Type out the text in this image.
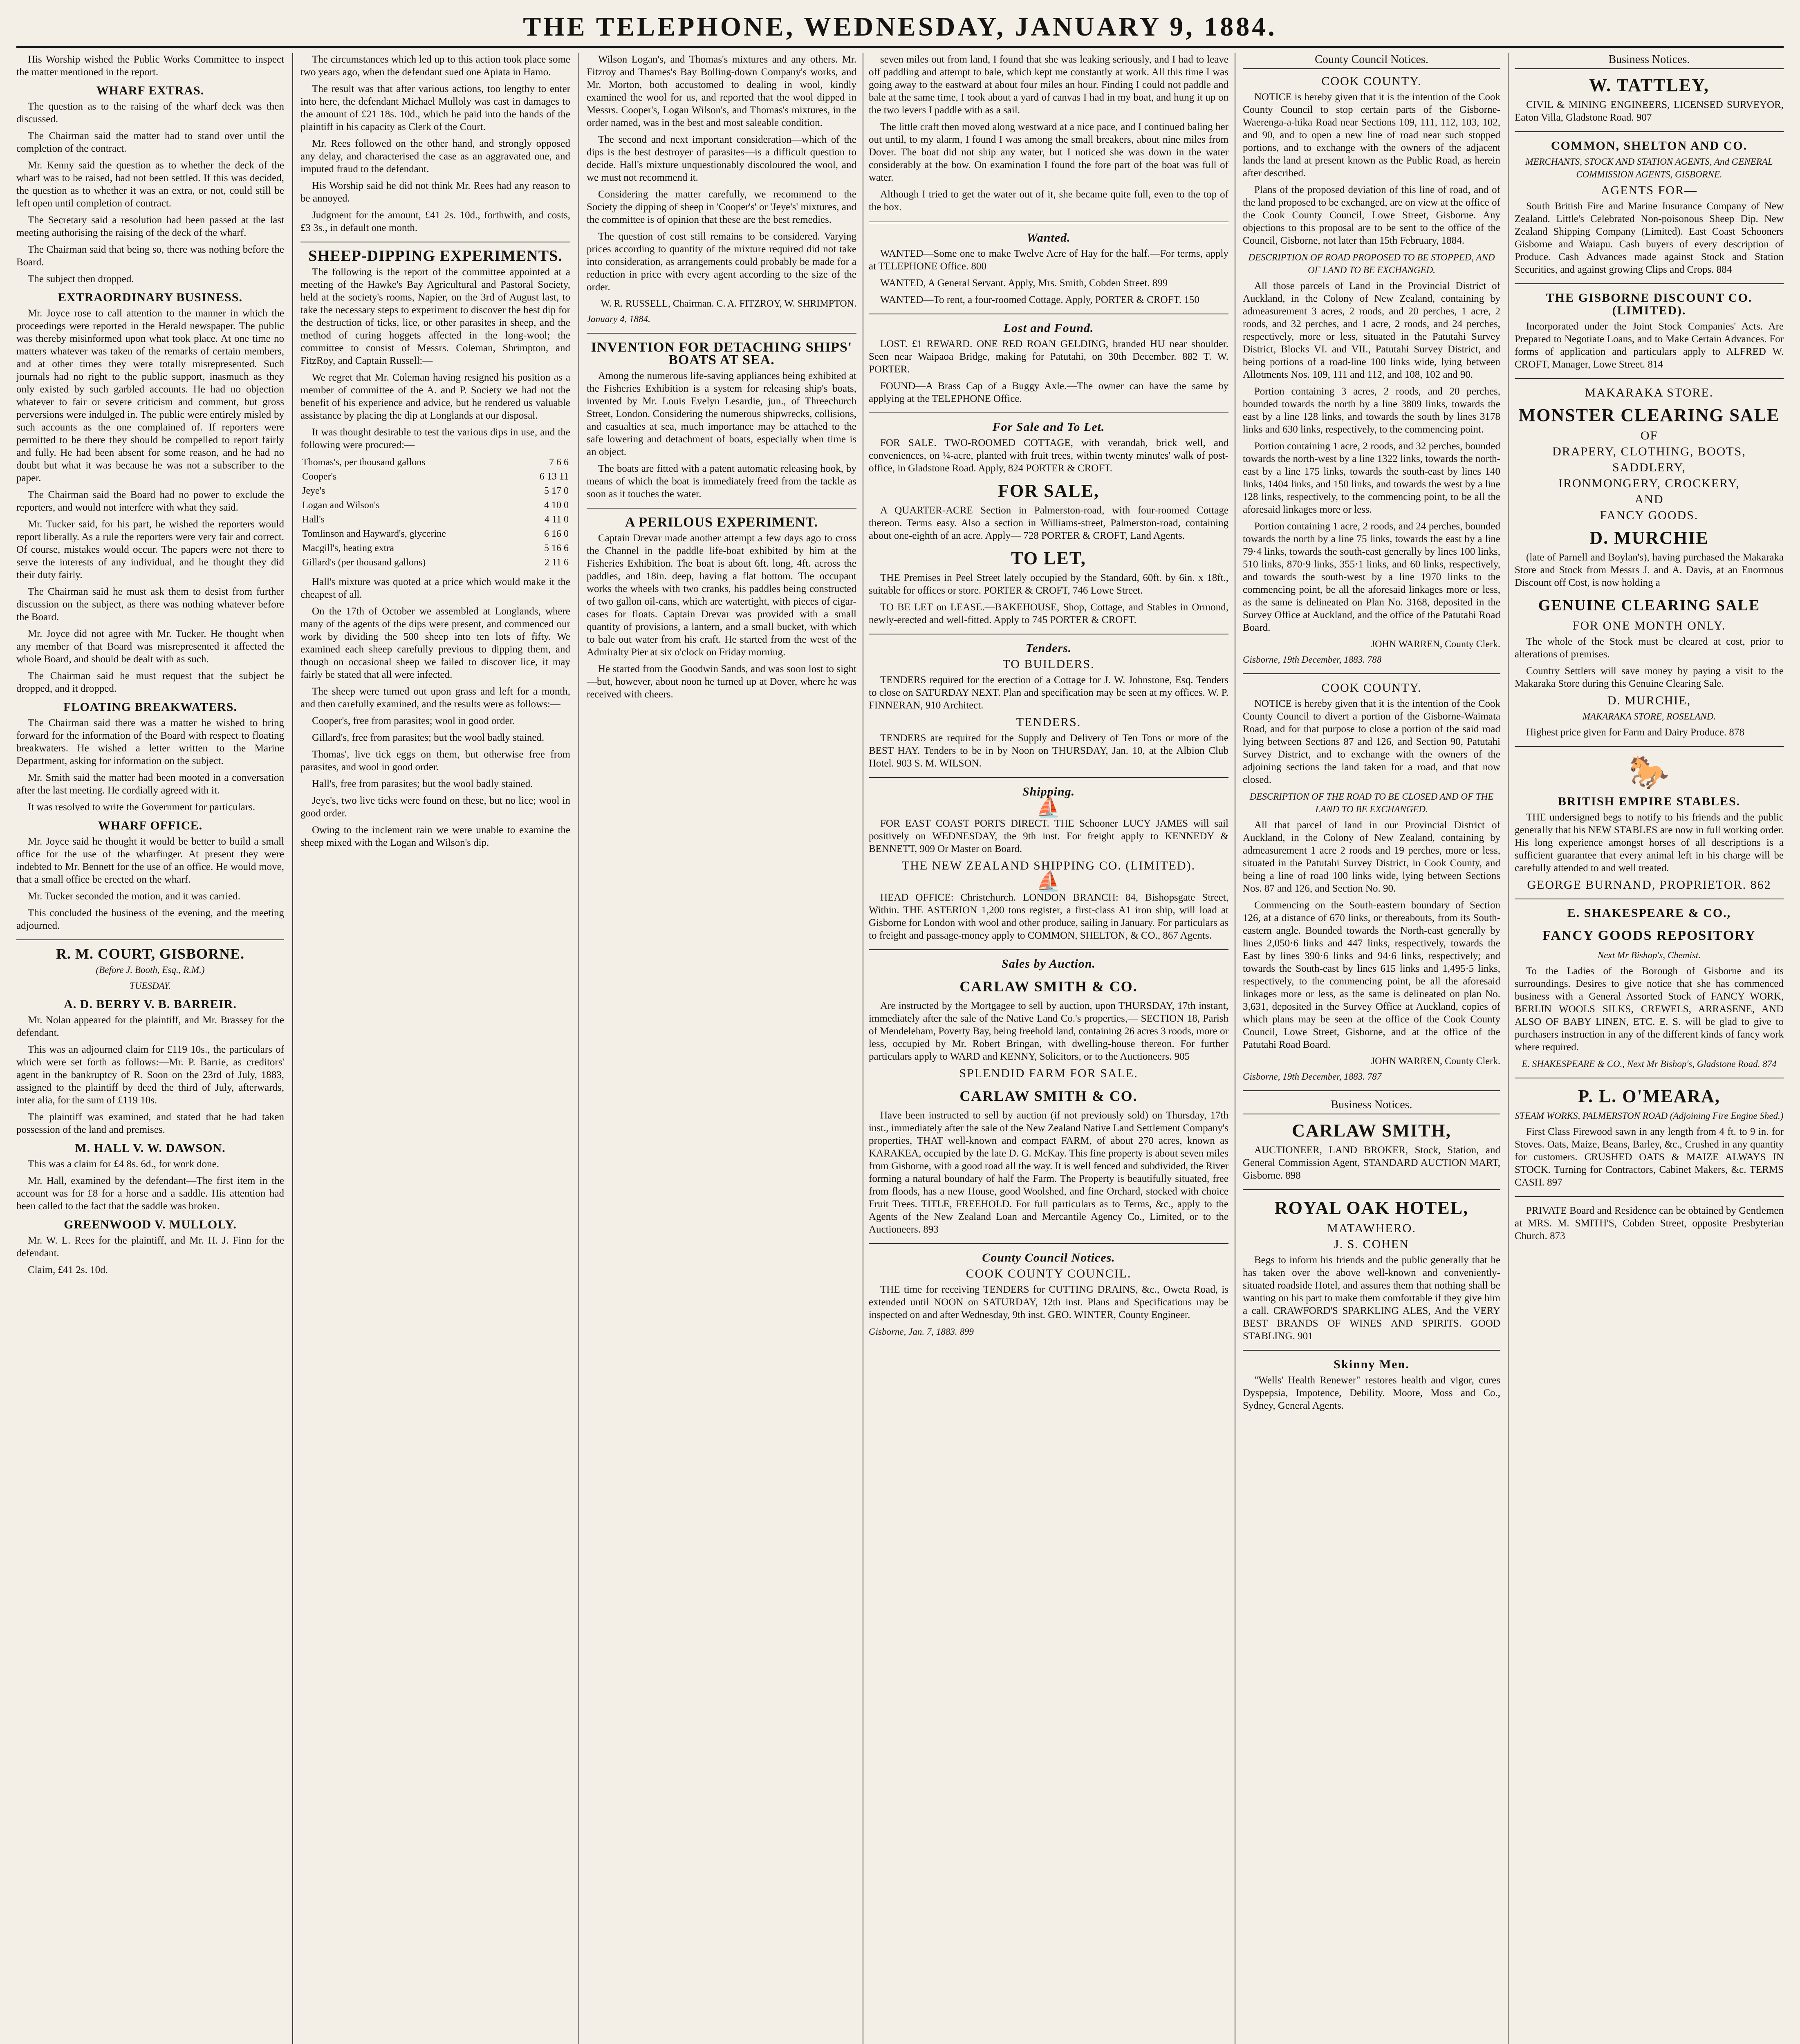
THE TELEPHONE, WEDNESDAY, JANUARY 9, 1884.

His Worship wished the Public Works Committee to inspect the matter mentioned in the report.

WHARF EXTRAS.

The question as to the raising of the wharf deck was then discussed.

The Chairman said the matter had to stand over until the completion of the contract.

Mr. Kenny said the question as to whether the deck of the wharf was to be raised, had not been settled. If this was decided, the question as to whether it was an extra, or not, could still be left open until completion of contract.

The Secretary said a resolution had been passed at the last meeting authorising the raising of the deck of the wharf.

The Chairman said that being so, there was nothing before the Board.

The subject then dropped.

EXTRAORDINARY BUSINESS.

Mr. Joyce rose to call attention to the manner in which the proceedings were reported in the Herald newspaper. The public was thereby misinformed upon what took place. At one time no matters whatever was taken of the remarks of certain members, and at other times they were totally misrepresented. Such journals had no right to the public support, inasmuch as they only existed by such garbled accounts. He had no objection whatever to fair or severe criticism and comment, but gross perversions were indulged in. The public were entirely misled by such accounts as the one complained of. If reporters were permitted to be there they should be compelled to report fairly and fully. He had been absent for some reason, and he had no doubt but what it was because he was not a subscriber to the paper.

The Chairman said the Board had no power to exclude the reporters, and would not interfere with what they said.

Mr. Tucker said, for his part, he wished the reporters would report liberally. As a rule the reporters were very fair and correct. Of course, mistakes would occur. The papers were not there to serve the interests of any individual, and he thought they did their duty fairly.

The Chairman said he must ask them to desist from further discussion on the subject, as there was nothing whatever before the Board.

Mr. Joyce did not agree with Mr. Tucker. He thought when any member of that Board was misrepresented it affected the whole Board, and should be dealt with as such.

The Chairman said he must request that the subject be dropped, and it dropped.

FLOATING BREAKWATERS.

The Chairman said there was a matter he wished to bring forward for the information of the Board with respect to floating breakwaters. He wished a letter written to the Marine Department, asking for information on the subject.

Mr. Smith said the matter had been mooted in a conversation after the last meeting. He cordially agreed with it.

It was resolved to write the Government for particulars.

WHARF OFFICE.

Mr. Joyce said he thought it would be better to build a small office for the use of the wharfinger. At present they were indebted to Mr. Bennett for the use of an office. He would move, that a small office be erected on the wharf.

Mr. Tucker seconded the motion, and it was carried.

This concluded the business of the evening, and the meeting adjourned.

R. M. COURT, GISBORNE.
(Before J. Booth, Esq., R.M.)
TUESDAY.
A. D. BERRY V. B. BARREIR.

Mr. Nolan appeared for the plaintiff, and Mr. Brassey for the defendant.

This was an adjourned claim for £119 10s., the particulars of which were set forth as follows:—Mr. P. Barrie, as creditors' agent in the bankruptcy of R. Soon on the 23rd of July, 1883, assigned to the plaintiff by deed the third of July, afterwards, inter alia, for the sum of £119 10s.

The plaintiff was examined, and stated that he had taken possession of the land and premises.

M. HALL V. W. DAWSON.

This was a claim for £4 8s. 6d., for work done.

Mr. Hall, examined by the defendant—The first item in the account was for £8 for a horse and a saddle. His attention had been called to the fact that the saddle was broken.

GREENWOOD V. MULLOLY.

Mr. W. L. Rees for the plaintiff, and Mr. H. J. Finn for the defendant.

Claim, £41 2s. 10d.

The circumstances which led up to this action took place some two years ago, when the defendant sued one Apiata in Hamo.

The result was that after various actions, too lengthy to enter into here, the defendant Michael Mulloly was cast in damages to the amount of £21 18s. 10d., which he paid into the hands of the plaintiff in his capacity as Clerk of the Court.

Mr. Rees followed on the other hand, and strongly opposed any delay, and characterised the case as an aggravated one, and imputed fraud to the defendant.

His Worship said he did not think Mr. Rees had any reason to be annoyed.

Judgment for the amount, £41 2s. 10d., forthwith, and costs, £3 3s., in default one month.

SHEEP-DIPPING EXPERIMENTS.

The following is the report of the committee appointed at a meeting of the Hawke's Bay Agricultural and Pastoral Society, held at the society's rooms, Napier, on the 3rd of August last, to take the necessary steps to experiment to discover the best dip for the destruction of ticks, lice, or other parasites in sheep, and the method of curing hoggets affected in the long-wool; the committee to consist of Messrs. Coleman, Shrimpton, and FitzRoy, and Captain Russell:—

We regret that Mr. Coleman having resigned his position as a member of committee of the A. and P. Society we had not the benefit of his experience and advice, but he rendered us valuable assistance by placing the dip at Longlands at our disposal.

It was thought desirable to test the various dips in use, and the following were procured:—

Thomas's, per thousand gallons	7 6 6
Cooper's	6 13 11
Jeye's	5 17 0
Logan and Wilson's	4 10 0
Hall's	4 11 0
Tomlinson and Hayward's, glycerine	6 16 0
Macgill's, heating extra	5 16 6
Gillard's (per thousand gallons)	2 11 6

Hall's mixture was quoted at a price which would make it the cheapest of all.

On the 17th of October we assembled at Longlands, where many of the agents of the dips were present, and commenced our work by dividing the 500 sheep into ten lots of fifty. We examined each sheep carefully previous to dipping them, and though on occasional sheep we failed to discover lice, it may fairly be stated that all were infected.

The sheep were turned out upon grass and left for a month, and then carefully examined, and the results were as follows:—

Cooper's, free from parasites; wool in good order.

Gillard's, free from parasites; but the wool badly stained.

Thomas', live tick eggs on them, but otherwise free from parasites, and wool in good order.

Hall's, free from parasites; but the wool badly stained.

Jeye's, two live ticks were found on these, but no lice; wool in good order.

Owing to the inclement rain we were unable to examine the sheep mixed with the Logan and Wilson's dip.

Wilson Logan's, and Thomas's mixtures and any others. Mr. Fitzroy and Thames's Bay Bolling-down Company's works, and Mr. Morton, both accustomed to dealing in wool, kindly examined the wool for us, and reported that the wool dipped in Messrs. Cooper's, Logan Wilson's, and Thomas's mixtures, in the order named, was in the best and most saleable condition.

The second and next important consideration—which of the dips is the best destroyer of parasites—is a difficult question to decide. Hall's mixture unquestionably discoloured the wool, and we must not recommend it.

Considering the matter carefully, we recommend to the Society the dipping of sheep in 'Cooper's' or 'Jeye's' mixtures, and the committee is of opinion that these are the best remedies.

The question of cost still remains to be considered. Varying prices according to quantity of the mixture required did not take into consideration, as arrangements could probably be made for a reduction in price with every agent according to the size of the order.

W. R. RUSSELL, Chairman. C. A. FITZROY, W. SHRIMPTON.
January 4, 1884.
INVENTION FOR DETACHING SHIPS' BOATS AT SEA.

Among the numerous life-saving appliances being exhibited at the Fisheries Exhibition is a system for releasing ship's boats, invented by Mr. Louis Evelyn Lesardie, jun., of Threechurch Street, London. Considering the numerous shipwrecks, collisions, and casualties at sea, much importance may be attached to the safe lowering and detachment of boats, especially when time is an object.

The boats are fitted with a patent automatic releasing hook, by means of which the boat is immediately freed from the tackle as soon as it touches the water.

A PERILOUS EXPERIMENT.

Captain Drevar made another attempt a few days ago to cross the Channel in the paddle life-boat exhibited by him at the Fisheries Exhibition. The boat is about 6ft. long, 4ft. across the paddles, and 18in. deep, having a flat bottom. The occupant works the wheels with two cranks, his paddles being constructed of two gallon oil-cans, which are watertight, with pieces of cigar-cases for floats. Captain Drevar was provided with a small quantity of provisions, a lantern, and a small bucket, with which to bale out water from his craft. He started from the west of the Admiralty Pier at six o'clock on Friday morning.

He started from the Goodwin Sands, and was soon lost to sight—but, however, about noon he turned up at Dover, where he was received with cheers.

seven miles out from land, I found that she was leaking seriously, and I had to leave off paddling and attempt to bale, which kept me constantly at work. All this time I was going away to the eastward at about four miles an hour. Finding I could not paddle and bale at the same time, I took about a yard of canvas I had in my boat, and hung it up on the two levers I paddle with as a sail.

The little craft then moved along westward at a nice pace, and I continued baling her out until, to my alarm, I found I was among the small breakers, about nine miles from Dover. The boat did not ship any water, but I noticed she was down in the water considerably at the bow. On examination I found the fore part of the boat was full of water.

Although I tried to get the water out of it, she became quite full, even to the top of the box.

Wanted.

WANTED—Some one to make Twelve Acre of Hay for the half.—For terms, apply at TELEPHONE Office. 800

WANTED, A General Servant. Apply, Mrs. Smith, Cobden Street. 899

WANTED—To rent, a four-roomed Cottage. Apply, PORTER & CROFT. 150

Lost and Found.

LOST. £1 REWARD. ONE RED ROAN GELDING, branded HU near shoulder. Seen near Waipaoa Bridge, making for Patutahi, on 30th December. 882 T. W. PORTER.

FOUND—A Brass Cap of a Buggy Axle.—The owner can have the same by applying at the TELEPHONE Office.

For Sale and To Let.

FOR SALE. TWO-ROOMED COTTAGE, with verandah, brick well, and conveniences, on ¼-acre, planted with fruit trees, within twenty minutes' walk of post-office, in Gladstone Road. Apply, 824 PORTER & CROFT.

FOR SALE,

A QUARTER-ACRE Section in Palmerston-road, with four-roomed Cottage thereon. Terms easy. Also a section in Williams-street, Palmerston-road, containing about one-eighth of an acre. Apply— 728 PORTER & CROFT, Land Agents.

TO LET,

THE Premises in Peel Street lately occupied by the Standard, 60ft. by 6in. x 18ft., suitable for offices or store. PORTER & CROFT, 746 Lowe Street.

TO BE LET on LEASE.—BAKEHOUSE, Shop, Cottage, and Stables in Ormond, newly-erected and well-fitted. Apply to 745 PORTER & CROFT.

Tenders.
TO BUILDERS.

TENDERS required for the erection of a Cottage for J. W. Johnstone, Esq. Tenders to close on SATURDAY NEXT. Plan and specification may be seen at my offices. W. P. FINNERAN, 910 Architect.

TENDERS.

TENDERS are required for the Supply and Delivery of Ten Tons or more of the BEST HAY. Tenders to be in by Noon on THURSDAY, Jan. 10, at the Albion Club Hotel. 903 S. M. WILSON.

Shipping.
⛵

FOR EAST COAST PORTS DIRECT. THE Schooner LUCY JAMES will sail positively on WEDNESDAY, the 9th inst. For freight apply to KENNEDY & BENNETT, 909 Or Master on Board.

THE NEW ZEALAND SHIPPING CO. (LIMITED).
⛵

HEAD OFFICE: Christchurch. LONDON BRANCH: 84, Bishopsgate Street, Within. THE ASTERION 1,200 tons register, a first-class A1 iron ship, will load at Gisborne for London with wool and other produce, sailing in January. For particulars as to freight and passage-money apply to COMMON, SHELTON, & CO., 867 Agents.

Sales by Auction.
CARLAW SMITH & CO.

Are instructed by the Mortgagee to sell by auction, upon THURSDAY, 17th instant, immediately after the sale of the Native Land Co.'s properties,— SECTION 18, Parish of Mendeleham, Poverty Bay, being freehold land, containing 26 acres 3 roods, more or less, occupied by Mr. Robert Bringan, with dwelling-house thereon. For further particulars apply to WARD and KENNY, Solicitors, or to the Auctioneers. 905

SPLENDID FARM FOR SALE.
CARLAW SMITH & CO.

Have been instructed to sell by auction (if not previously sold) on Thursday, 17th inst., immediately after the sale of the New Zealand Native Land Settlement Company's properties, THAT well-known and compact FARM, of about 270 acres, known as KARAKEA, occupied by the late D. G. McKay. This fine property is about seven miles from Gisborne, with a good road all the way. It is well fenced and subdivided, the River forming a natural boundary of half the Farm. The Property is beautifully situated, free from floods, has a new House, good Woolshed, and fine Orchard, stocked with choice Fruit Trees. TITLE, FREEHOLD. For full particulars as to Terms, &c., apply to the Agents of the New Zealand Loan and Mercantile Agency Co., Limited, or to the Auctioneers. 893

County Council Notices.
COOK COUNTY COUNCIL.

THE time for receiving TENDERS for CUTTING DRAINS, &c., Oweta Road, is extended until NOON on SATURDAY, 12th inst. Plans and Specifications may be inspected on and after Wednesday, 9th inst. GEO. WINTER, County Engineer.

Gisborne, Jan. 7, 1883. 899
County Council Notices.
COOK COUNTY.

NOTICE is hereby given that it is the intention of the Cook County Council to stop certain parts of the Gisborne-Waerenga-a-hika Road near Sections 109, 111, 112, 103, 102, and 90, and to open a new line of road near such stopped portions, and to exchange with the owners of the adjacent lands the land at present known as the Public Road, as herein after described.

Plans of the proposed deviation of this line of road, and of the land proposed to be exchanged, are on view at the office of the Cook County Council, Lowe Street, Gisborne. Any objections to this proposal are to be sent to the office of the Council, Gisborne, not later than 15th February, 1884.

DESCRIPTION OF ROAD PROPOSED TO BE STOPPED, AND OF LAND TO BE EXCHANGED.

All those parcels of Land in the Provincial District of Auckland, in the Colony of New Zealand, containing by admeasurement 3 acres, 2 roods, and 20 perches, 1 acre, 2 roods, and 32 perches, and 1 acre, 2 roods, and 24 perches, respectively, more or less, situated in the Patutahi Survey District, Blocks VI. and VII., Patutahi Survey District, and being portions of a road-line 100 links wide, lying between Allotments Nos. 109, 111 and 112, and 108, 102 and 90.

Portion containing 3 acres, 2 roods, and 20 perches, bounded towards the north by a line 3809 links, towards the east by a line 128 links, and towards the south by lines 3178 links and 630 links, respectively, to the commencing point.

Portion containing 1 acre, 2 roods, and 32 perches, bounded towards the north-west by a line 1322 links, towards the north-east by a line 175 links, towards the south-east by lines 140 links, 1404 links, and 150 links, and towards the west by a line 128 links, respectively, to the commencing point, to be all the aforesaid linkages more or less.

Portion containing 1 acre, 2 roods, and 24 perches, bounded towards the north by a line 75 links, towards the east by a line 79·4 links, towards the south-east generally by lines 100 links, 510 links, 870·9 links, 355·1 links, and 60 links, respectively, and towards the south-west by a line 1970 links to the commencing point, be all the aforesaid linkages more or less, as the same is delineated on Plan No. 3168, deposited in the Survey Office at Auckland, and the office of the Patutahi Road Board.

JOHN WARREN, County Clerk.
Gisborne, 19th December, 1883. 788
COOK COUNTY.

NOTICE is hereby given that it is the intention of the Cook County Council to divert a portion of the Gisborne-Waimata Road, and for that purpose to close a portion of the said road lying between Sections 87 and 126, and Section 90, Patutahi Survey District, and to exchange with the owners of the adjoining sections the land taken for a road, and that now closed.

DESCRIPTION OF THE ROAD TO BE CLOSED AND OF THE LAND TO BE EXCHANGED.

All that parcel of land in our Provincial District of Auckland, in the Colony of New Zealand, containing by admeasurement 1 acre 2 roods and 19 perches, more or less, situated in the Patutahi Survey District, in Cook County, and being a line of road 100 links wide, lying between Sections Nos. 87 and 126, and Section No. 90.

Commencing on the South-eastern boundary of Section 126, at a distance of 670 links, or thereabouts, from its South-eastern angle. Bounded towards the North-east generally by lines 2,050·6 links and 447 links, respectively, towards the East by lines 390·6 links and 94·6 links, respectively; and towards the South-east by lines 615 links and 1,495·5 links, respectively, to the commencing point, be all the aforesaid linkages more or less, as the same is delineated on plan No. 3,631, deposited in the Survey Office at Auckland, copies of which plans may be seen at the office of the Cook County Council, Lowe Street, Gisborne, and at the office of the Patutahi Road Board.

JOHN WARREN, County Clerk.
Gisborne, 19th December, 1883. 787
Business Notices.
CARLAW SMITH,

AUCTIONEER, LAND BROKER, Stock, Station, and General Commission Agent, STANDARD AUCTION MART, Gisborne. 898

ROYAL OAK HOTEL,
MATAWHERO.
J. S. COHEN

Begs to inform his friends and the public generally that he has taken over the above well-known and conveniently-situated roadside Hotel, and assures them that nothing shall be wanting on his part to make them comfortable if they give him a call. CRAWFORD'S SPARKLING ALES, And the VERY BEST BRANDS OF WINES AND SPIRITS. GOOD STABLING. 901

Skinny Men.

"Wells' Health Renewer" restores health and vigor, cures Dyspepsia, Impotence, Debility. Moore, Moss and Co., Sydney, General Agents.

Business Notices.
W. TATTLEY,

CIVIL & MINING ENGINEERS, LICENSED SURVEYOR, Eaton Villa, Gladstone Road. 907

COMMON, SHELTON AND CO.
MERCHANTS, STOCK AND STATION AGENTS, And GENERAL COMMISSION AGENTS, GISBORNE.
AGENTS FOR—

South British Fire and Marine Insurance Company of New Zealand. Little's Celebrated Non-poisonous Sheep Dip. New Zealand Shipping Company (Limited). East Coast Schooners Gisborne and Waiapu. Cash buyers of every description of Produce. Cash Advances made against Stock and Station Securities, and against growing Clips and Crops. 884

THE GISBORNE DISCOUNT CO. (LIMITED).

Incorporated under the Joint Stock Companies' Acts. Are Prepared to Negotiate Loans, and to Make Certain Advances. For forms of application and particulars apply to ALFRED W. CROFT, Manager, Lowe Street. 814

MAKARAKA STORE.
MONSTER CLEARING SALE
OF
DRAPERY, CLOTHING, BOOTS,
SADDLERY,
IRONMONGERY, CROCKERY,
AND
FANCY GOODS.
D. MURCHIE

(late of Parnell and Boylan's), having purchased the Makaraka Store and Stock from Messrs J. and A. Davis, at an Enormous Discount off Cost, is now holding a

GENUINE CLEARING SALE
FOR ONE MONTH ONLY.

The whole of the Stock must be cleared at cost, prior to alterations of premises.

Country Settlers will save money by paying a visit to the Makaraka Store during this Genuine Clearing Sale.

D. MURCHIE,
MAKARAKA STORE, ROSELAND.

Highest price given for Farm and Dairy Produce. 878

🐎
BRITISH EMPIRE STABLES.

THE undersigned begs to notify to his friends and the public generally that his NEW STABLES are now in full working order. His long experience amongst horses of all descriptions is a sufficient guarantee that every animal left in his charge will be carefully attended to and well treated.

GEORGE BURNAND, PROPRIETOR. 862
E. SHAKESPEARE & CO.,
FANCY GOODS REPOSITORY
Next Mr Bishop's, Chemist.

To the Ladies of the Borough of Gisborne and its surroundings. Desires to give notice that she has commenced business with a General Assorted Stock of FANCY WORK, BERLIN WOOLS SILKS, CREWELS, ARRASENE, AND ALSO OF BABY LINEN, ETC. E. S. will be glad to give to purchasers instruction in any of the different kinds of fancy work where required.

E. SHAKESPEARE & CO., Next Mr Bishop's, Gladstone Road. 874
P. L. O'MEARA,
STEAM WORKS, PALMERSTON ROAD (Adjoining Fire Engine Shed.)

First Class Firewood sawn in any length from 4 ft. to 9 in. for Stoves. Oats, Maize, Beans, Barley, &c., Crushed in any quantity for customers. CRUSHED OATS & MAIZE ALWAYS IN STOCK. Turning for Contractors, Cabinet Makers, &c. TERMS CASH. 897

PRIVATE Board and Residence can be obtained by Gentlemen at MRS. M. SMITH'S, Cobden Street, opposite Presbyterian Church. 873
